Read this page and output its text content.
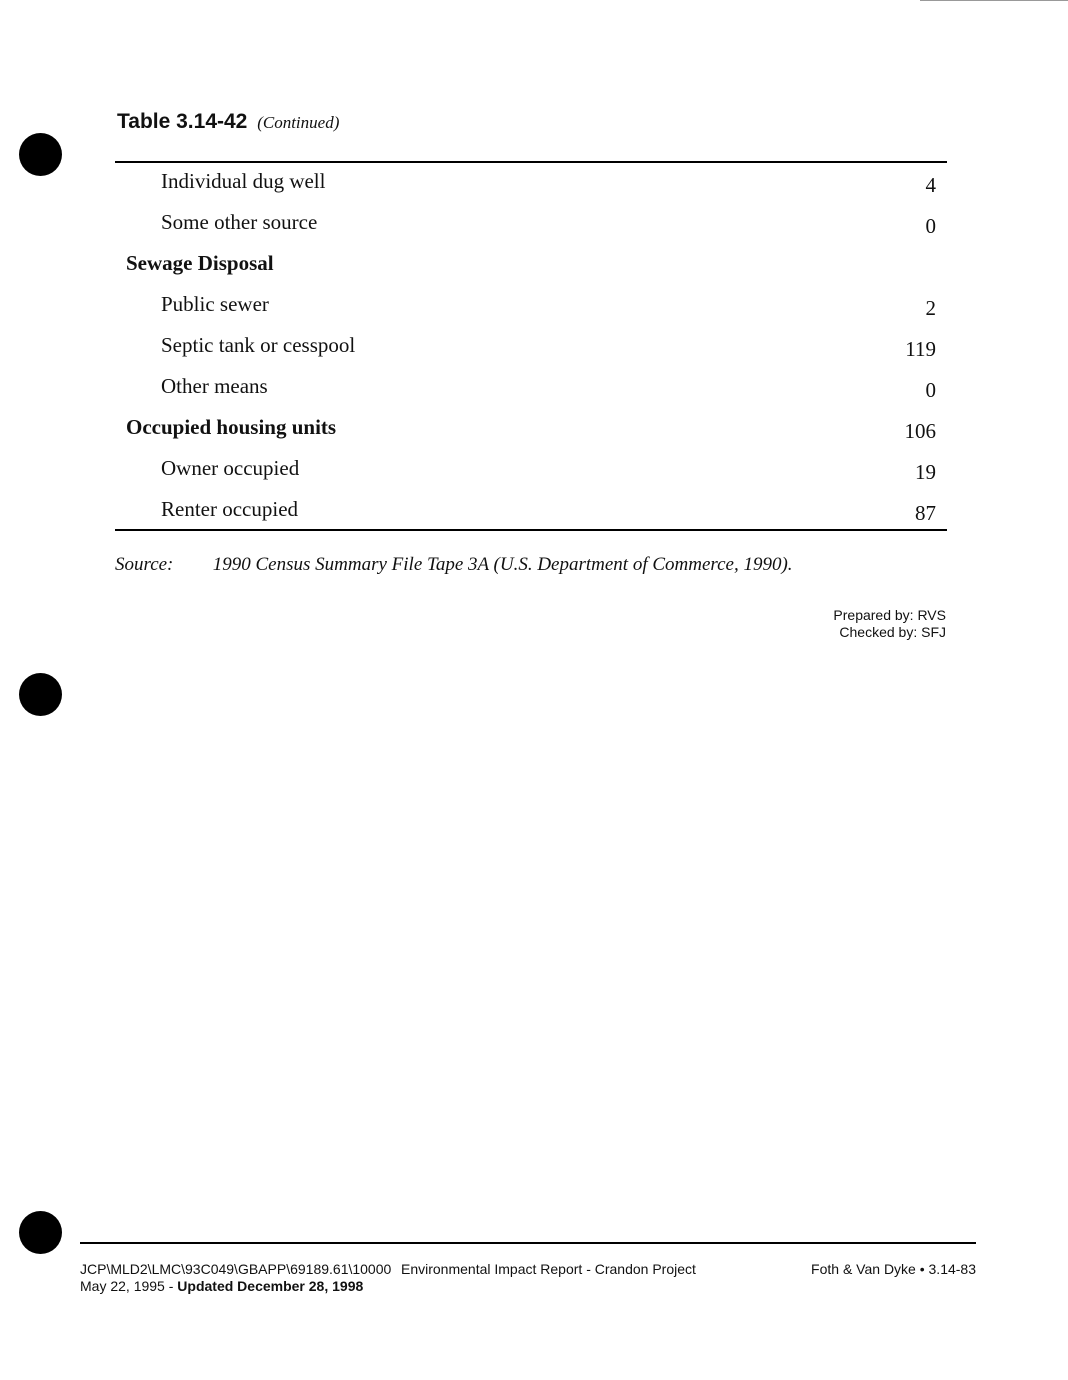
Table 3.14-42 (Continued)
Individual dug well	4
Some other source	0
Sewage Disposal
Public sewer	2
Septic tank or cesspool	119
Other means	0
Occupied housing units	106
Owner occupied	19
Renter occupied	87
Source: 1990 Census Summary File Tape 3A (U.S. Department of Commerce, 1990).
Prepared by: RVS
Checked by: SFJ
JCP\MLD2\LMC\93C049\GBAPP\69189.61\10000
May 22, 1995 - Updated December 28, 1998
Environmental Impact Report - Crandon Project	Foth & Van Dyke • 3.14-83
